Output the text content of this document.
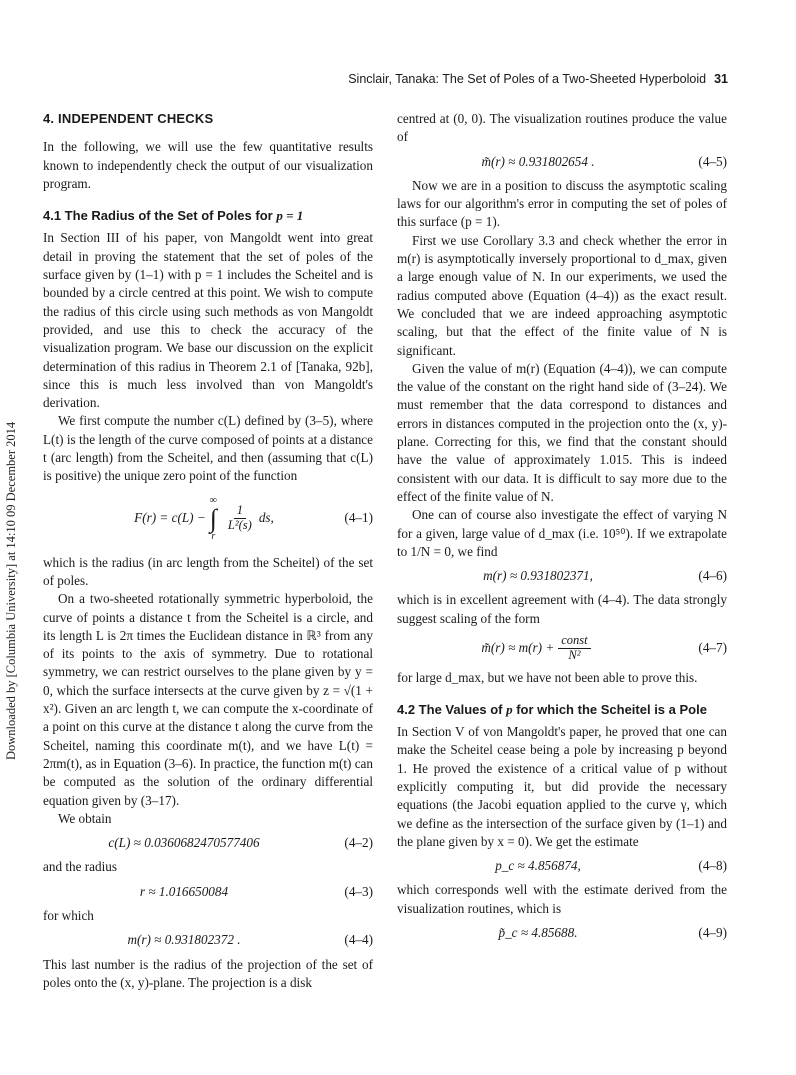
Sinclair, Tanaka: The Set of Poles of a Two-Sheeted Hyperboloid 31
Downloaded by [Columbia University] at 14:10 09 December 2014
4. INDEPENDENT CHECKS

In the following, we will use the few quantitative results known to independently check the output of our visualization program.

4.1 The Radius of the Set of Poles for p = 1

In Section III of his paper, von Mangoldt went into great detail in proving the statement that the set of poles of the surface given by (1–1) with p = 1 includes the Scheitel and is bounded by a circle centred at this point. We wish to compute the radius of this circle using such methods as von Mangoldt provided, and use this to check the accuracy of the visualization program. We base our discussion on the explicit determination of this radius in Theorem 2.1 of [Tanaka, 92b], since this is much less involved than von Mangoldt's derivation.

We first compute the number c(L) defined by (3–5), where L(t) is the length of the curve composed of points at a distance t (arc length) from the Scheitel, and then (assuming that c(L) is positive) the unique zero point of the function

F(r) = c(L) −
∞
∫
r
$\frac{1}{\text{L²(s)}}$ ds,	(4–1)

which is the radius (in arc length from the Scheitel) of the set of poles.

On a two-sheeted rotationally symmetric hyperboloid, the curve of points a distance t from the Scheitel is a circle, and its length L is 2π times the Euclidean distance in ℝ³ from any of its points to the axis of symmetry. Due to rotational symmetry, we can restrict ourselves to the plane given by y = 0, which the surface intersects at the curve given by z = √(1 + x²). Given an arc length t, we can compute the x-coordinate of a point on this curve at the distance t along the curve from the Scheitel, naming this coordinate m(t), and we have L(t) = 2πm(t), as in Equation (3–6). In practice, the function m(t) can be computed as the solution of the ordinary differential equation given by (3–17).

We obtain

c(L) ≈ 0.0360682470577406	(4–2)

and the radius

r ≈ 1.016650084	(4–3)

for which

m(r) ≈ 0.931802372 .	(4–4)

This last number is the radius of the projection of the set of poles onto the (x, y)-plane. The projection is a disk

centred at (0, 0). The visualization routines produce the value of

m̃(r) ≈ 0.931802654 .	(4–5)

Now we are in a position to discuss the asymptotic scaling laws for our algorithm's error in computing the set of poles of this surface (p = 1).

First we use Corollary 3.3 and check whether the error in m(r) is asymptotically inversely proportional to d_max, given a large enough value of N. In our experiments, we used the radius computed above (Equation (4–4)) as the exact result. We concluded that we are indeed approaching asymptotic scaling, but that the effect of the finite value of N is significant.

Given the value of m(r) (Equation (4–4)), we can compute the value of the constant on the right hand side of (3–24). We must remember that the data correspond to distances and errors in distances computed in the projection onto the (x, y)-plane. Correcting for this, we find that the constant should have the value of approximately 1.015. This is indeed consistent with our data. It is difficult to say more due to the effect of the finite value of N.

One can of course also investigate the effect of varying N for a given, large value of d_max (i.e. 10⁵⁰). If we extrapolate to 1/N = 0, we find

m(r) ≈ 0.931802371,	(4–6)

which is in excellent agreement with (4–4). The data strongly suggest scaling of the form

m̃(r) ≈ $m(r) + \frac{\text{const}}{\text{N²}}$	(4–7)

for large d_max, but we have not been able to prove this.

4.2 The Values of p for which the Scheitel is a Pole

In Section V of von Mangoldt's paper, he proved that one can make the Scheitel cease being a pole by increasing p beyond 1. He proved the existence of a critical value of p without explicitly computing it, but did provide the necessary equations (the Jacobi equation applied to the curve γ, which we define as the intersection of the surface given by (1–1) and the plane given by x = 0). We get the estimate

p_c ≈ 4.856874,	(4–8)

which corresponds well with the estimate derived from the visualization routines, which is

p̃_c ≈ 4.85688.	(4–9)
